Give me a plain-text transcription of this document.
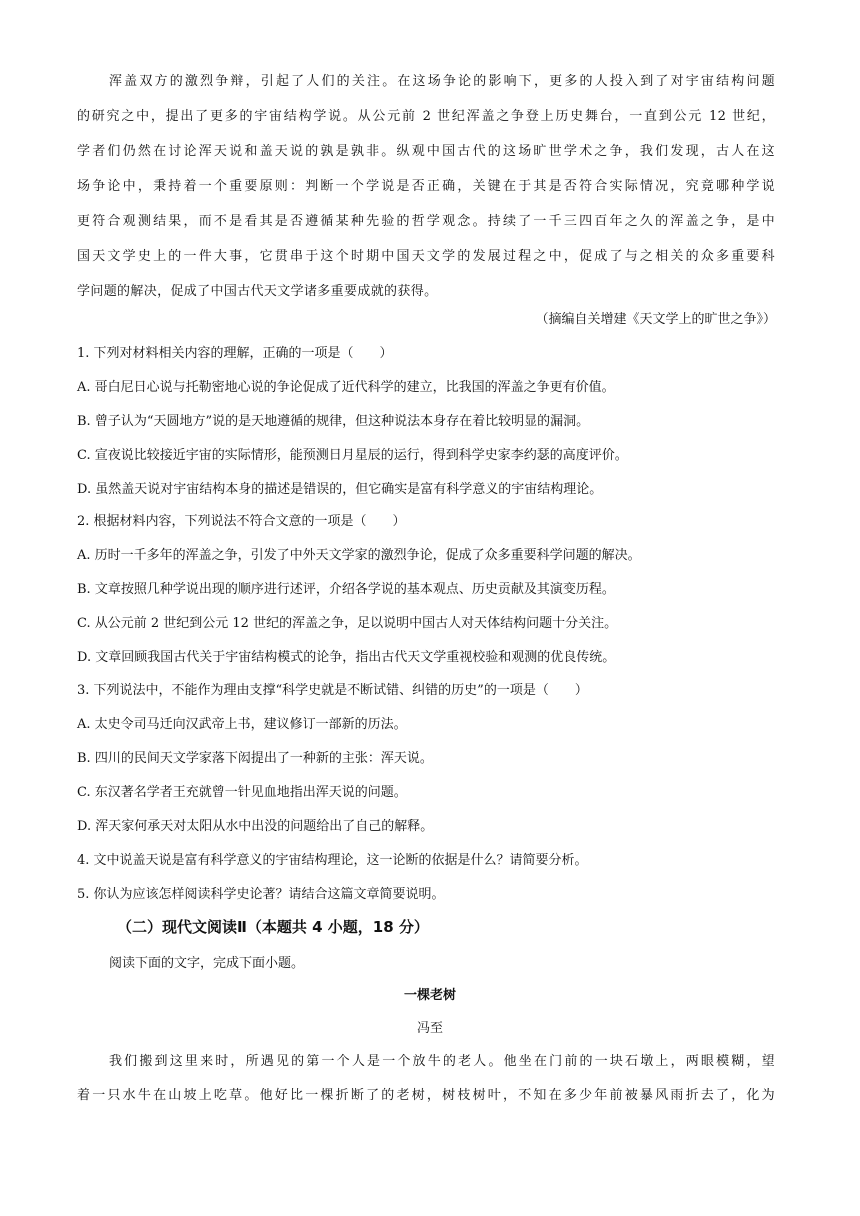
浑盖双方的激烈争辩，引起了人们的关注。在这场争论的影响下，更多的人投入到了对宇宙结构问题

的研究之中，提出了更多的宇宙结构学说。从公元前 2 世纪浑盖之争登上历史舞台，一直到公元 12 世纪，

学者们仍然在讨论浑天说和盖天说的孰是孰非。纵观中国古代的这场旷世学术之争，我们发现，古人在这

场争论中，秉持着一个重要原则：判断一个学说是否正确，关键在于其是否符合实际情况，究竟哪种学说

更符合观测结果，而不是看其是否遵循某种先验的哲学观念。持续了一千三四百年之久的浑盖之争，是中

国天文学史上的一件大事，它贯串于这个时期中国天文学的发展过程之中，促成了与之相关的众多重要科

学问题的解决，促成了中国古代天文学诸多重要成就的获得。

（摘编自关增建《天文学上的旷世之争》）

1. 下列对材料相关内容的理解，正确的一项是（　　）

A. 哥白尼日心说与托勒密地心说的争论促成了近代科学的建立，比我国的浑盖之争更有价值。

B. 曾子认为“天圆地方”说的是天地遵循的规律，但这种说法本身存在着比较明显的漏洞。

C. 宣夜说比较接近宇宙的实际情形，能预测日月星辰的运行，得到科学史家李约瑟的高度评价。

D. 虽然盖天说对宇宙结构本身的描述是错误的，但它确实是富有科学意义的宇宙结构理论。

2. 根据材料内容，下列说法不符合文意的一项是（　　）

A. 历时一千多年的浑盖之争，引发了中外天文学家的激烈争论，促成了众多重要科学问题的解决。

B. 文章按照几种学说出现的顺序进行述评，介绍各学说的基本观点、历史贡献及其演变历程。

C. 从公元前 2 世纪到公元 12 世纪的浑盖之争，足以说明中国古人对天体结构问题十分关注。

D. 文章回顾我国古代关于宇宙结构模式的论争，指出古代天文学重视校验和观测的优良传统。

3. 下列说法中，不能作为理由支撑“科学史就是不断试错、纠错的历史”的一项是（　　）

A. 太史令司马迁向汉武帝上书，建议修订一部新的历法。

B. 四川的民间天文学家落下闳提出了一种新的主张：浑天说。

C. 东汉著名学者王充就曾一针见血地指出浑天说的问题。

D. 浑天家何承天对太阳从水中出没的问题给出了自己的解释。

4. 文中说盖天说是富有科学意义的宇宙结构理论，这一论断的依据是什么？请简要分析。

5. 你认为应该怎样阅读科学史论著？请结合这篇文章简要说明。

（二）现代文阅读Ⅱ（本题共 4 小题，18 分）

阅读下面的文字，完成下面小题。

一棵老树

冯至

我们搬到这里来时，所遇见的第一个人是一个放牛的老人。他坐在门前的一块石墩上，两眼模糊，望

着一只水牛在山坡上吃草。他好比一棵折断了的老树，树枝树叶，不知在多少年前被暴风雨折去了，化为
